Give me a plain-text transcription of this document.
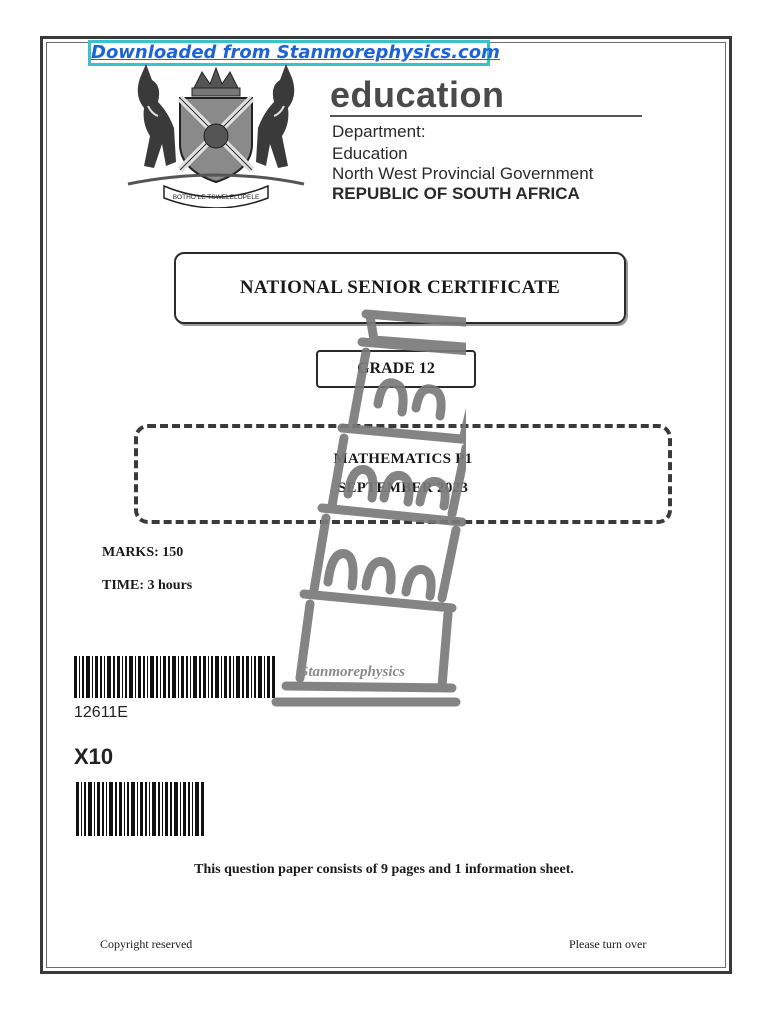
Downloaded from Stanmorephysics.com
BOTHO LE TSWELELOPELE
education
Department:
Education
North West Provincial Government
REPUBLIC OF SOUTH AFRICA
NATIONAL SENIOR CERTIFICATE
GRADE 12
MATHEMATICS P1
SEPTEMBER 2023
MARKS: 150
TIME: 3 hours
12611E
X10
This question paper consists of 9 pages and 1 information sheet.
Copyright reserved	Please turn over
Stanmorephysics
